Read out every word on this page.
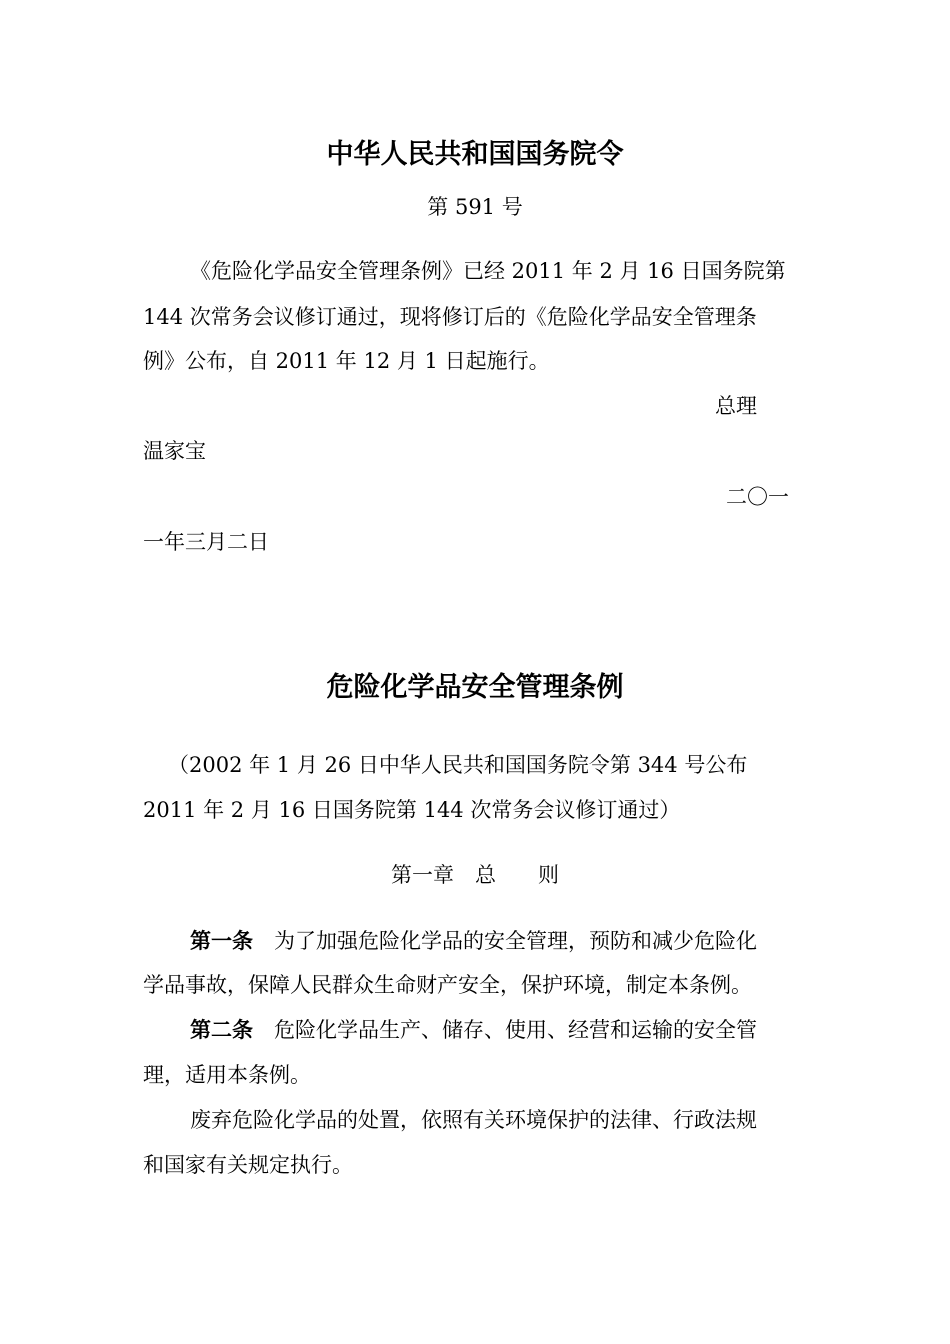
中华人民共和国国务院令
第 591 号
《危险化学品安全管理条例》已经 2011 年 2 月 16 日国务院第
144 次常务会议修订通过，现将修订后的《危险化学品安全管理条
例》公布，自 2011 年 12 月 1 日起施行。
总理
温家宝
二〇一
一年三月二日
危险化学品安全管理条例
（2002 年 1 月 26 日中华人民共和国国务院令第 344 号公布
2011 年 2 月 16 日国务院第 144 次常务会议修订通过）
第一章　总　　则
第一条　为了加强危险化学品的安全管理，预防和减少危险化
学品事故，保障人民群众生命财产安全，保护环境，制定本条例。
第二条　危险化学品生产、储存、使用、经营和运输的安全管
理，适用本条例。
废弃危险化学品的处置，依照有关环境保护的法律、行政法规
和国家有关规定执行。
